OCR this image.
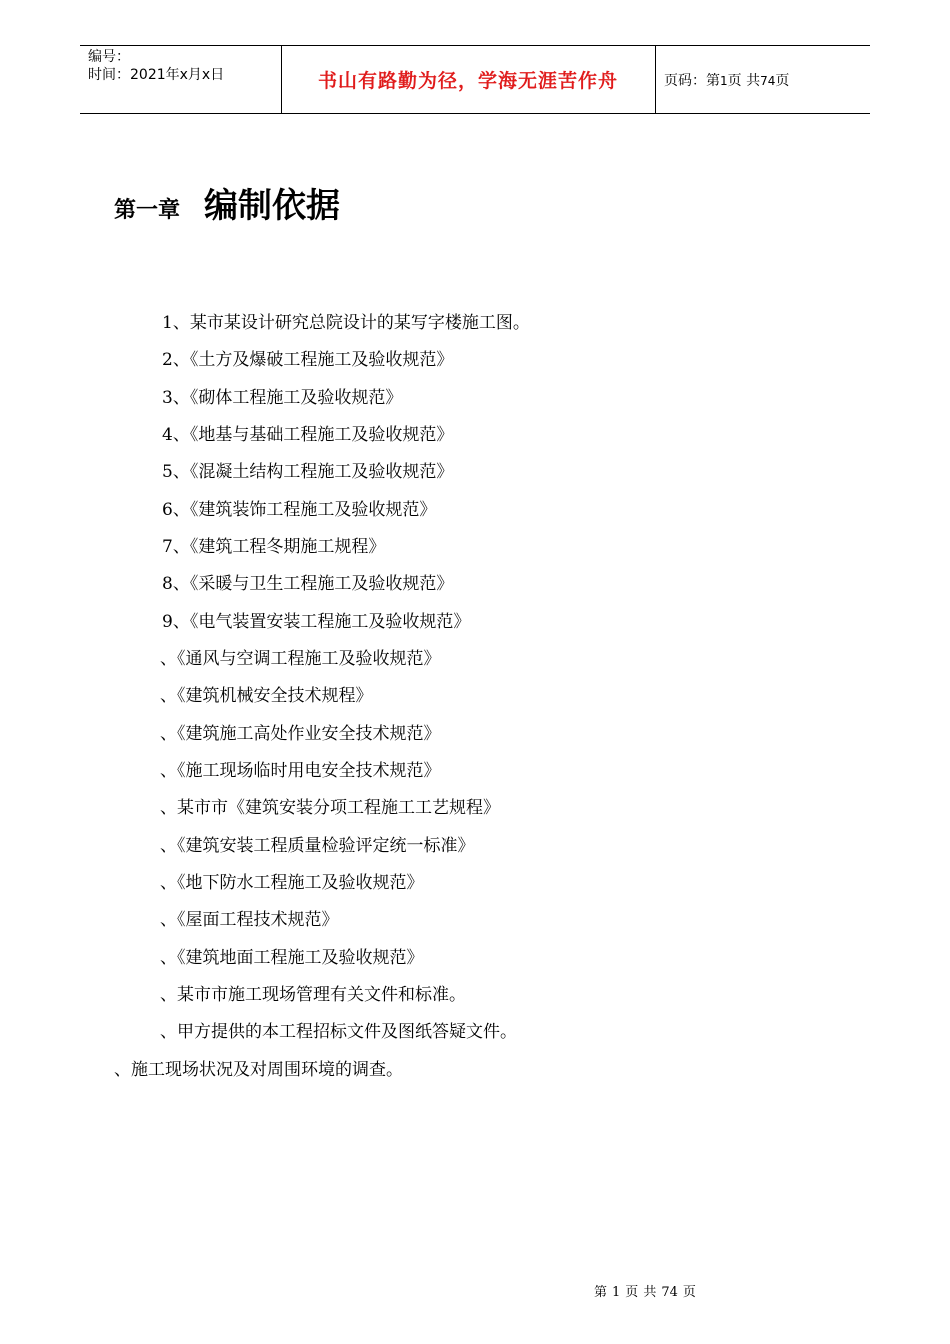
编号：
时间：2021年x月x日	书山有路勤为径，学海无涯苦作舟	页码：第1页 共74页
第一章 编制依据
1、某市某设计研究总院设计的某写字楼施工图。
2、《土方及爆破工程施工及验收规范》
3、《砌体工程施工及验收规范》
4、《地基与基础工程施工及验收规范》
5、《混凝土结构工程施工及验收规范》
6、《建筑装饰工程施工及验收规范》
7、《建筑工程冬期施工规程》
8、《采暖与卫生工程施工及验收规范》
9、《电气装置安装工程施工及验收规范》
、《通风与空调工程施工及验收规范》
、《建筑机械安全技术规程》
、《建筑施工高处作业安全技术规范》
、《施工现场临时用电安全技术规范》
、某市市《建筑安装分项工程施工工艺规程》
、《建筑安装工程质量检验评定统一标准》
、《地下防水工程施工及验收规范》
、《屋面工程技术规范》
、《建筑地面工程施工及验收规范》
、某市市施工现场管理有关文件和标准。
、甲方提供的本工程招标文件及图纸答疑文件。
、施工现场状况及对周围环境的调查。
第 1 页 共 74 页
